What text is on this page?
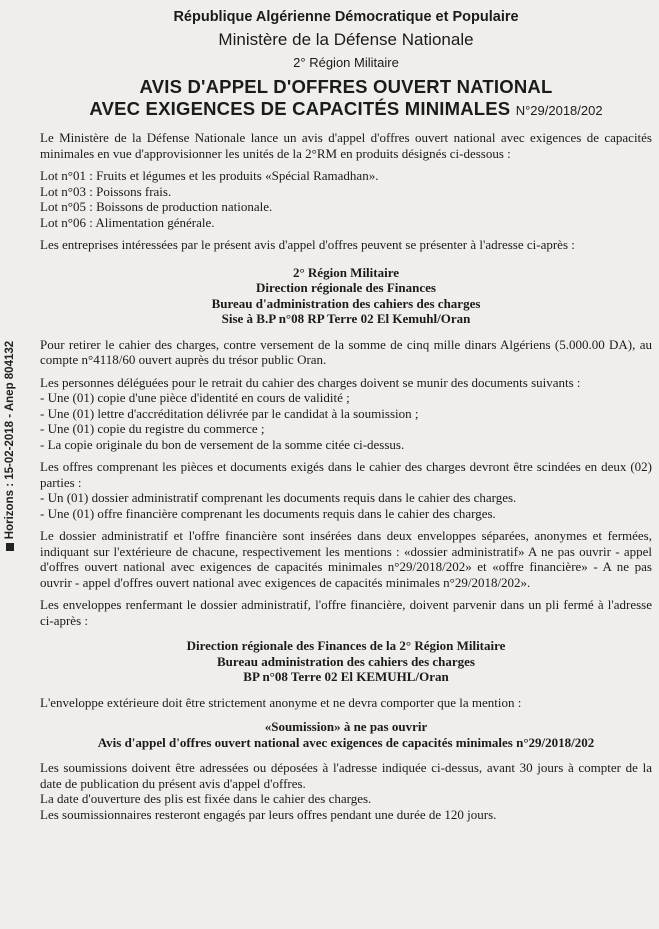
Horizons : 15-02-2018 - Anep 804132
République Algérienne Démocratique et Populaire
Ministère de la Défense Nationale
2° Région Militaire
AVIS D'APPEL D'OFFRES OUVERT NATIONAL
AVEC EXIGENCES DE CAPACITÉS MINIMALES N°29/2018/202

Le Ministère de la Défense Nationale lance un avis d'appel d'offres ouvert national avec exigences de capacités minimales en vue d'approvisionner les unités de la 2°RM en produits désignés ci-dessous :

Lot n°01 : Fruits et légumes et les produits «Spécial Ramadhan».

Lot n°03 : Poissons frais.

Lot n°05 : Boissons de production nationale.

Lot n°06 : Alimentation générale.

Les entreprises intéressées par le présent avis d'appel d'offres peuvent se présenter à l'adresse ci-après :

2° Région Militaire
Direction régionale des Finances
Bureau d'administration des cahiers des charges
Sise à B.P n°08 RP Terre 02 El Kemuhl/Oran

Pour retirer le cahier des charges, contre versement de la somme de cinq mille dinars Algériens (5.000.00 DA), au compte n°4118/60 ouvert auprès du trésor public Oran.

Les personnes déléguées pour le retrait du cahier des charges doivent se munir des documents suivants :

- Une (01) copie d'une pièce d'identité en cours de validité ;

- Une (01) lettre d'accréditation délivrée par le candidat à la soumission ;

- Une (01) copie du registre du commerce ;

- La copie originale du bon de versement de la somme citée ci-dessus.

Les offres comprenant les pièces et documents exigés dans le cahier des charges devront être scindées en deux (02) parties :

- Un (01) dossier administratif comprenant les documents requis dans le cahier des charges.

- Une (01) offre financière comprenant les documents requis dans le cahier des charges.

Le dossier administratif et l'offre financière sont insérées dans deux enveloppes séparées, anonymes et fermées, indiquant sur l'extérieure de chacune, respectivement les mentions : «dossier administratif» A ne pas ouvrir - appel d'offres ouvert national avec exigences de capacités minimales n°29/2018/202» et «offre financière» - A ne pas ouvrir - appel d'offres ouvert national avec exigences de capacités minimales n°29/2018/202».

Les enveloppes renfermant le dossier administratif, l'offre financière, doivent parvenir dans un pli fermé à l'adresse ci-après :

Direction régionale des Finances de la 2° Région Militaire
Bureau administration des cahiers des charges
BP n°08 Terre 02 El KEMUHL/Oran

L'enveloppe extérieure doit être strictement anonyme et ne devra comporter que la mention :

«Soumission» à ne pas ouvrir
Avis d'appel d'offres ouvert national avec exigences de capacités minimales n°29/2018/202

Les soumissions doivent être adressées ou déposées à l'adresse indiquée ci-dessus, avant 30 jours à compter de la date de publication du présent avis d'appel d'offres.

La date d'ouverture des plis est fixée dans le cahier des charges.

Les soumissionnaires resteront engagés par leurs offres pendant une durée de 120 jours.
